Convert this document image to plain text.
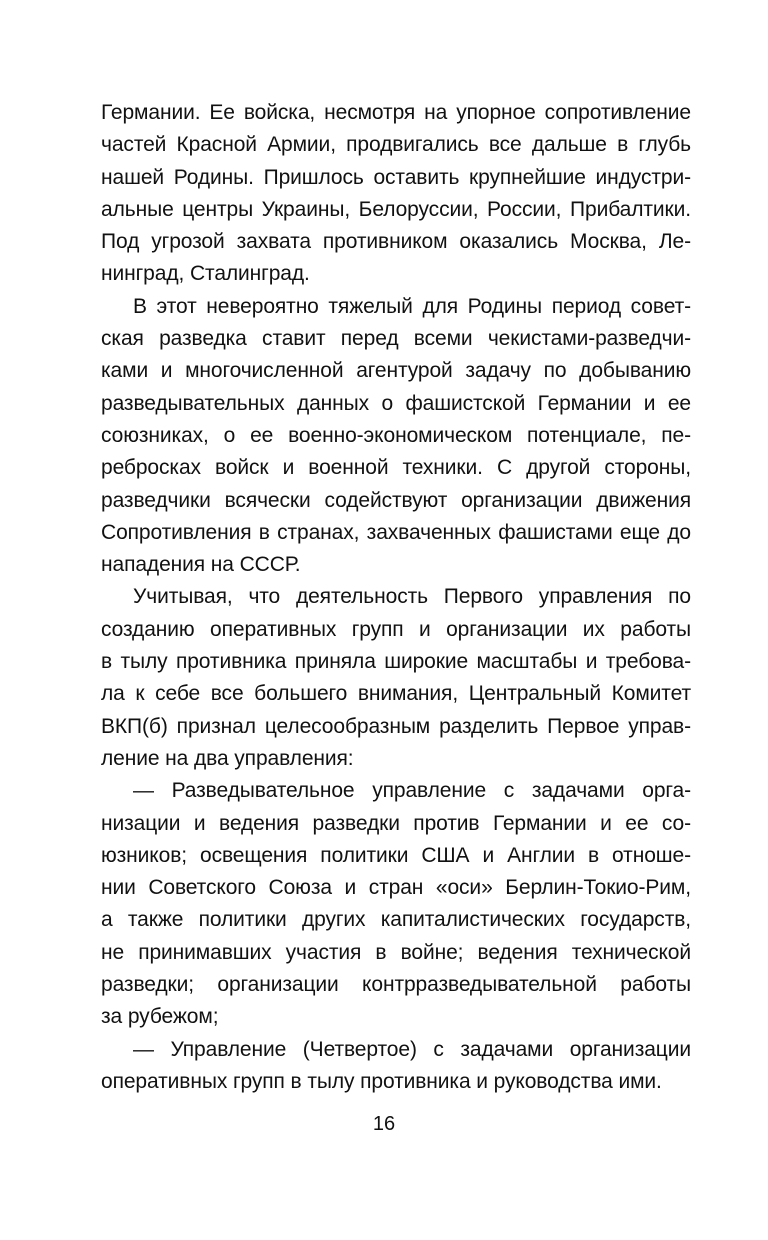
Германии. Ее войска, несмотря на упорное сопротивление
частей Красной Армии, продвигались все дальше в глубь
нашей Родины. Пришлось оставить крупнейшие индустри-
альные центры Украины, Белоруссии, России, Прибалтики.
Под угрозой захвата противником оказались Москва, Ле-
нинград, Сталинград.

В этот невероятно тяжелый для Родины период совет-
ская разведка ставит перед всеми чекистами-разведчи-
ками и многочисленной агентурой задачу по добыванию
разведывательных данных о фашистской Германии и ее
союзниках, о ее военно-экономическом потенциале, пе-
ребросках войск и военной техники. С другой стороны,
разведчики всячески содействуют организации движения
Сопротивления в странах, захваченных фашистами еще до
нападения на СССР.

Учитывая, что деятельность Первого управления по
созданию оперативных групп и организации их работы
в тылу противника приняла широкие масштабы и требова-
ла к себе все большего внимания, Центральный Комитет
ВКП(б) признал целесообразным разделить Первое управ-
ление на два управления:

— Разведывательное управление с задачами орга-
низации и ведения разведки против Германии и ее со-
юзников; освещения политики США и Англии в отноше-
нии Советского Союза и стран «оси» Берлин-Токио-Рим,
а также политики других капиталистических государств,
не принимавших участия в войне; ведения технической
разведки; организации контрразведывательной работы
за рубежом;

— Управление (Четвертое) с задачами организации
оперативных групп в тылу противника и руководства ими.

16
